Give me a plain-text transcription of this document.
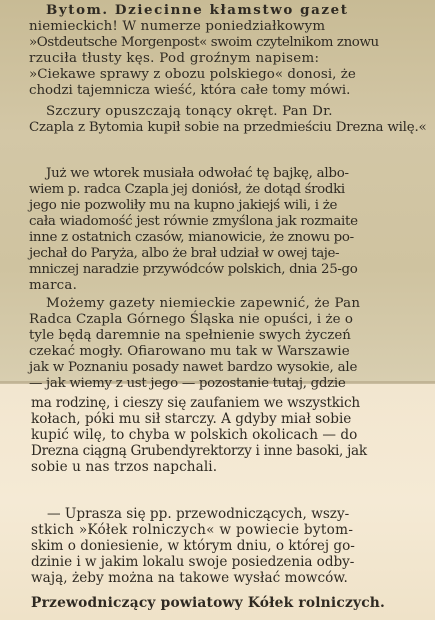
Bytom. Dziecinne kłamstwo gazet
niemieckich! W numerze poniedziałkowym
»Ostdeutsche Morgenpost« swoim czytelnikom znowu
rzuciła tłusty kęs. Pod groźnym napisem:
»Ciekawe sprawy z obozu polskiego« donosi, że
chodzi tajemnicza wieść, która całe tomy mówi.
Szczury opuszczają tonący okręt. Pan Dr.
Czapla z Bytomia kupił sobie na przedmieściu Drezna wilę.«
Już we wtorek musiała odwołać tę bajkę, albo-
wiem p. radca Czapla jej doniósł, że dotąd środki
jego nie pozwoliły mu na kupno jakiejś wili, i że
cała wiadomość jest równie zmyślona jak rozmaite
inne z ostatnich czasów, mianowicie, że znowu po-
jechał do Paryża, albo że brał udział w owej taje-
mniczej naradzie przywódców polskich, dnia 25-go
marca.
Możemy gazety niemieckie zapewnić, że Pan
Radca Czapla Górnego Śląska nie opuści, i że o
tyle będą daremnie na spełnienie swych życzeń
czekać mogły. Ofiarowano mu tak w Warszawie
jak w Poznaniu posady nawet bardzo wysokie, ale
— jak wiemy z ust jego — pozostanie tutaj, gdzie
ma rodzinę, i cieszy się zaufaniem we wszystkich
kołach, póki mu sił starczy. A gdyby miał sobie
kupić wilę, to chyba w polskich okolicach — do
Drezna ciągną Grubendyrektorzy i inne basoki, jak
sobie u nas trzos napchali.
— Uprasza się pp. przewodniczących, wszy-
stkich »Kółek rolniczych« w powiecie bytom-
skim o doniesienie, w którym dniu, o której go-
dzinie i w jakim lokalu swoje posiedzenia odby-
wają, żeby można na takowe wysłać mowców.
Przewodniczący powiatowy Kółek rolniczych.
